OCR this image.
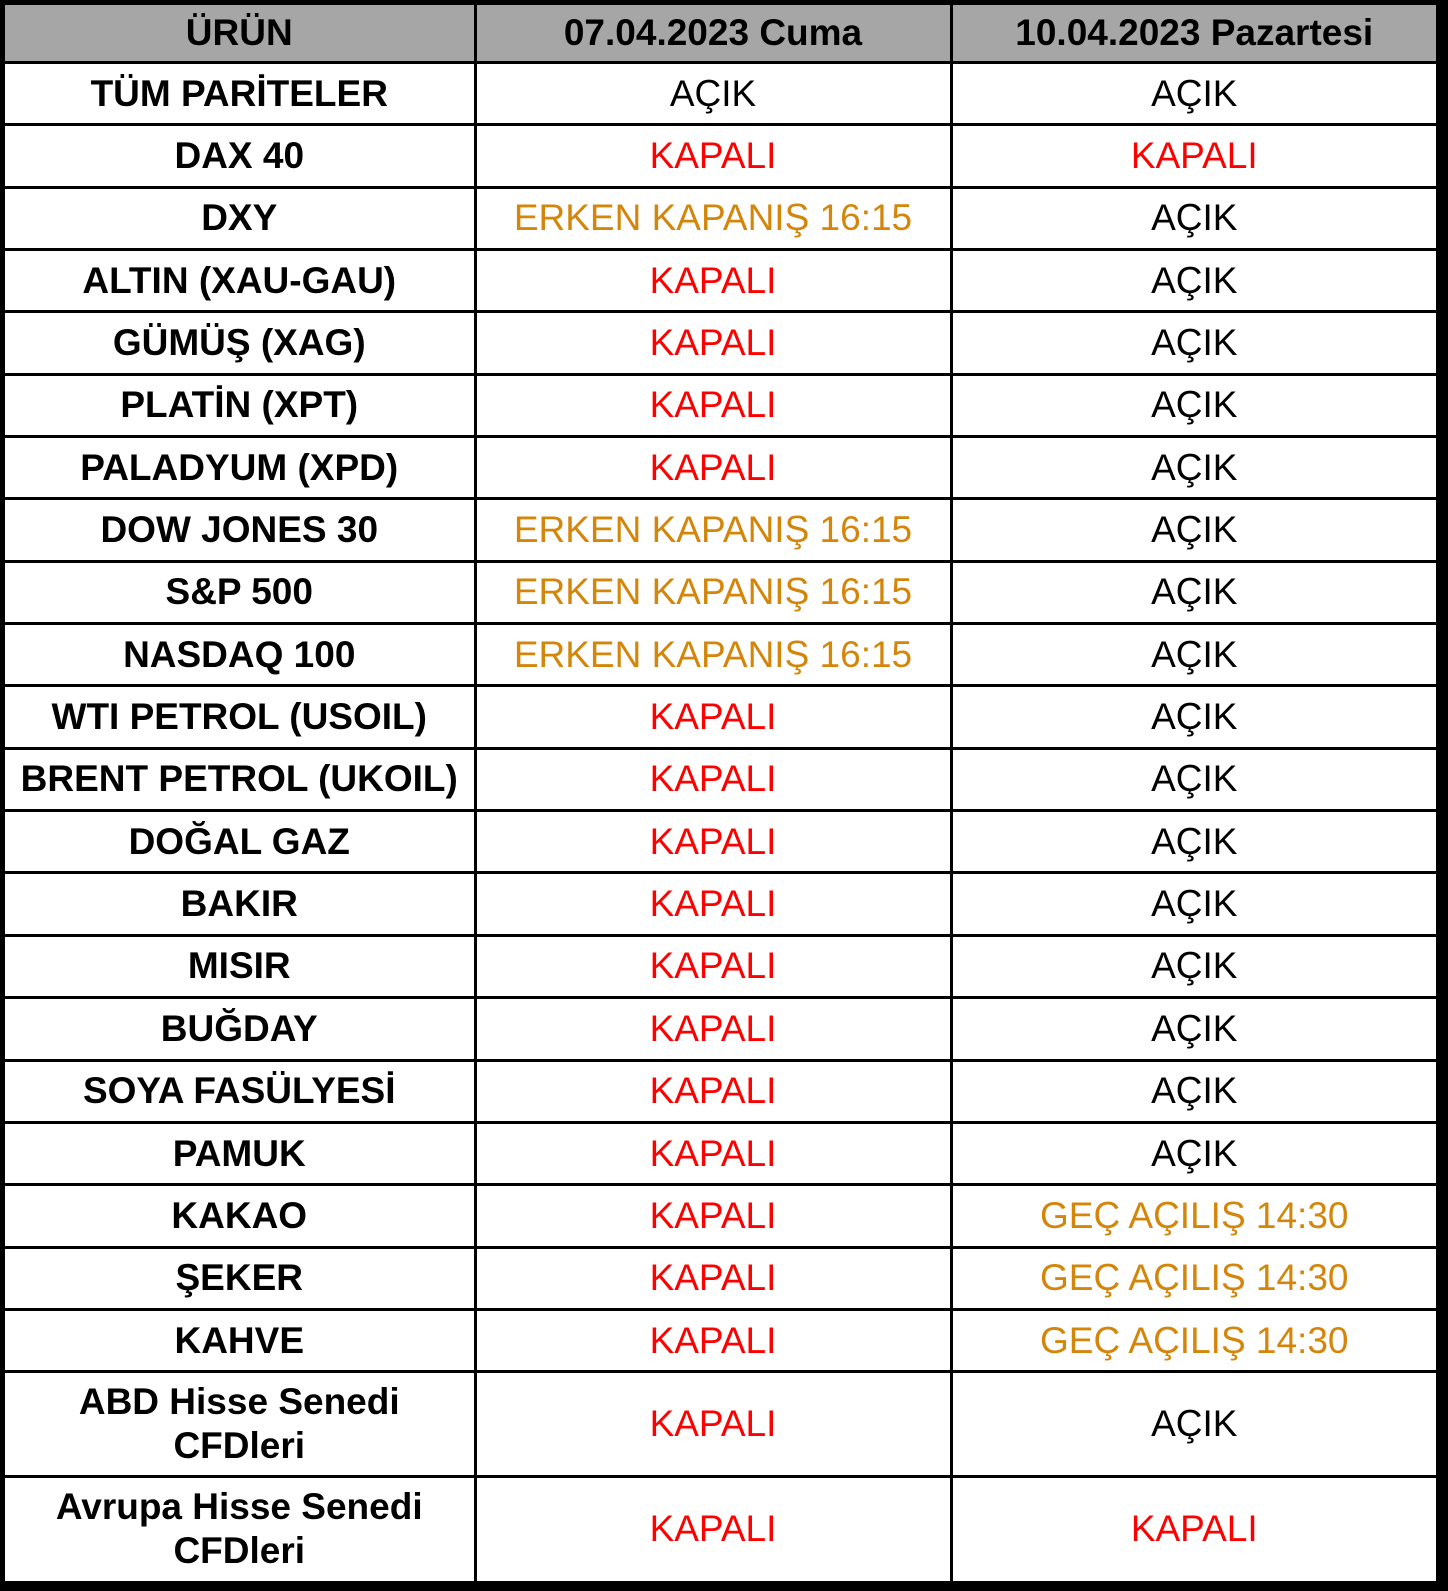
ÜRÜN	07.04.2023 Cuma	10.04.2023 Pazartesi
TÜM PARİTELER	AÇIK	AÇIK
DAX 40	KAPALI	KAPALI
DXY	ERKEN KAPANIŞ 16:15	AÇIK
ALTIN (XAU-GAU)	KAPALI	AÇIK
GÜMÜŞ (XAG)	KAPALI	AÇIK
PLATİN (XPT)	KAPALI	AÇIK
PALADYUM (XPD)	KAPALI	AÇIK
DOW JONES 30	ERKEN KAPANIŞ 16:15	AÇIK
S&P 500	ERKEN KAPANIŞ 16:15	AÇIK
NASDAQ 100	ERKEN KAPANIŞ 16:15	AÇIK
WTI PETROL (USOIL)	KAPALI	AÇIK
BRENT PETROL (UKOIL)	KAPALI	AÇIK
DOĞAL GAZ	KAPALI	AÇIK
BAKIR	KAPALI	AÇIK
MISIR	KAPALI	AÇIK
BUĞDAY	KAPALI	AÇIK
SOYA FASÜLYESİ	KAPALI	AÇIK
PAMUK	KAPALI	AÇIK
KAKAO	KAPALI	GEÇ AÇILIŞ 14:30
ŞEKER	KAPALI	GEÇ AÇILIŞ 14:30
KAHVE	KAPALI	GEÇ AÇILIŞ 14:30
ABD Hisse Senedi CFDleri	KAPALI	AÇIK
Avrupa Hisse Senedi CFDleri	KAPALI	KAPALI
